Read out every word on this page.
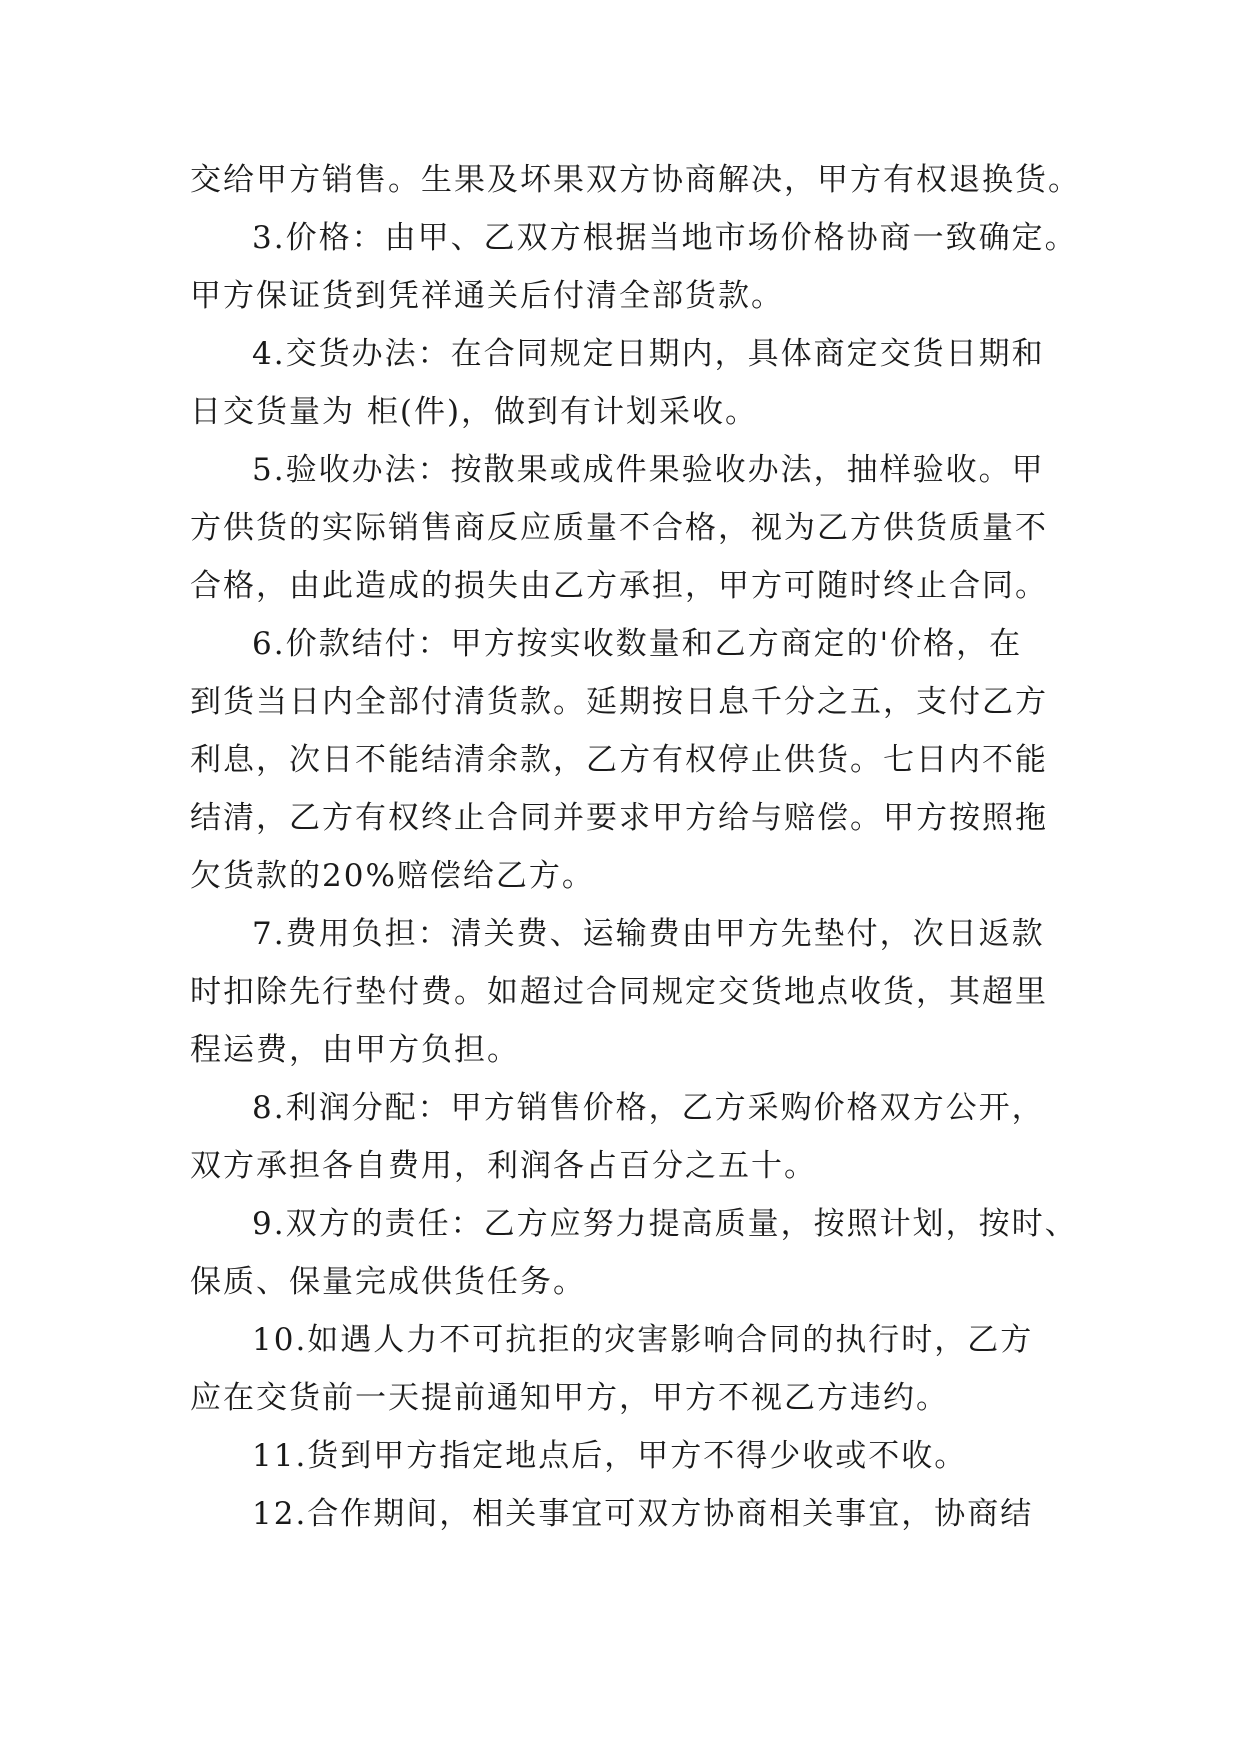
交给甲方销售。生果及坏果双方协商解决，甲方有权退换货。
3.价格：由甲、乙双方根据当地市场价格协商一致确定。
甲方保证货到凭祥通关后付清全部货款。
4.交货办法：在合同规定日期内，具体商定交货日期和
日交货量为 柜(件)，做到有计划采收。
5.验收办法：按散果或成件果验收办法，抽样验收。甲
方供货的实际销售商反应质量不合格，视为乙方供货质量不
合格，由此造成的损失由乙方承担，甲方可随时终止合同。
6.价款结付：甲方按实收数量和乙方商定的'价格，在
到货当日内全部付清货款。延期按日息千分之五，支付乙方
利息，次日不能结清余款，乙方有权停止供货。七日内不能
结清，乙方有权终止合同并要求甲方给与赔偿。甲方按照拖
欠货款的20%赔偿给乙方。
7.费用负担：清关费、运输费由甲方先垫付，次日返款
时扣除先行垫付费。如超过合同规定交货地点收货，其超里
程运费，由甲方负担。
8.利润分配：甲方销售价格，乙方采购价格双方公开，
双方承担各自费用，利润各占百分之五十。
9.双方的责任：乙方应努力提高质量，按照计划，按时、
保质、保量完成供货任务。
10.如遇人力不可抗拒的灾害影响合同的执行时，乙方
应在交货前一天提前通知甲方，甲方不视乙方违约。
11.货到甲方指定地点后，甲方不得少收或不收。
12.合作期间，相关事宜可双方协商相关事宜，协商结
